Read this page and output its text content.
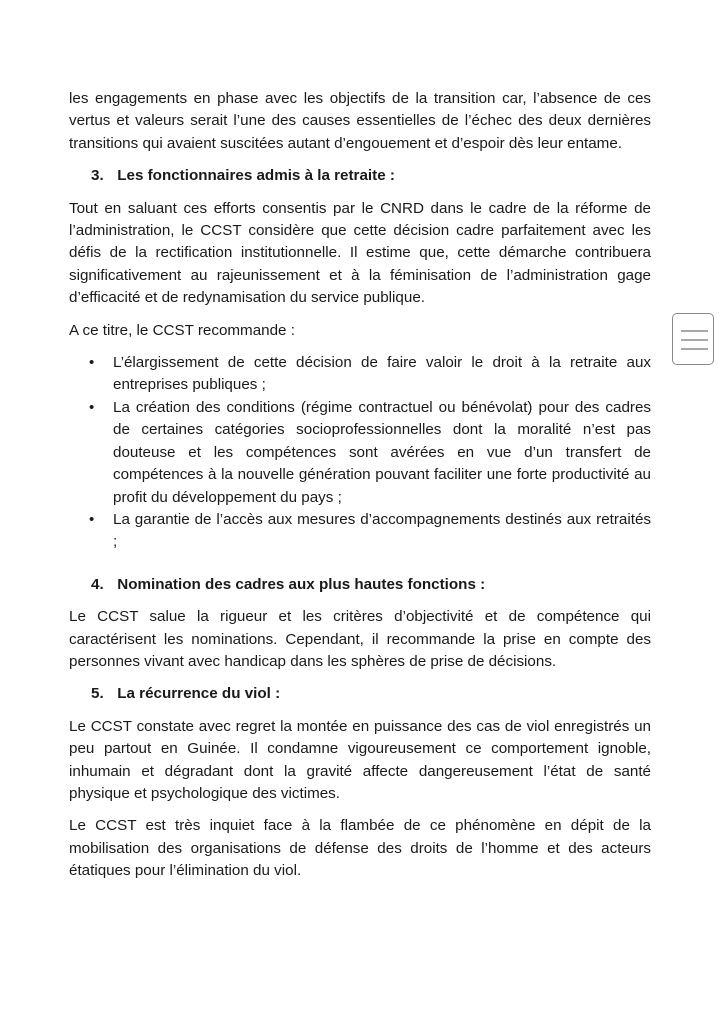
les engagements en phase avec les objectifs de la transition car, l’absence de ces vertus et valeurs serait l’une des causes essentielles de l’échec des deux dernières transitions qui avaient suscitées autant d’engouement et d’espoir dès leur entame.

3. Les fonctionnaires admis à la retraite :

Tout en saluant ces efforts consentis par le CNRD dans le cadre de la réforme de l’administration, le CCST considère que cette décision cadre parfaitement avec les défis de la rectification institutionnelle. Il estime que, cette démarche contribuera significativement au rajeunissement et à la féminisation de l’administration gage d’efficacité et de redynamisation du service publique.

A ce titre, le CCST recommande :

• L’élargissement de cette décision de faire valoir le droit à la retraite aux entreprises publiques ;
• La création des conditions (régime contractuel ou bénévolat) pour des cadres de certaines catégories socioprofessionnelles dont la moralité n’est pas douteuse et les compétences sont avérées en vue d’un transfert de compétences à la nouvelle génération pouvant faciliter une forte productivité au profit du développement du pays ;
• La garantie de l’accès aux mesures d’accompagnements destinés aux retraités ;
4. Nomination des cadres aux plus hautes fonctions :

Le CCST salue la rigueur et les critères d’objectivité et de compétence qui caractérisent les nominations. Cependant, il recommande la prise en compte des personnes vivant avec handicap dans les sphères de prise de décisions.

5. La récurrence du viol :

Le CCST constate avec regret la montée en puissance des cas de viol enregistrés un peu partout en Guinée. Il condamne vigoureusement ce comportement ignoble, inhumain et dégradant dont la gravité affecte dangereusement l’état de santé physique et psychologique des victimes.

Le CCST est très inquiet face à la flambée de ce phénomène en dépit de la mobilisation des organisations de défense des droits de l’homme et des acteurs étatiques pour l’élimination du viol.
